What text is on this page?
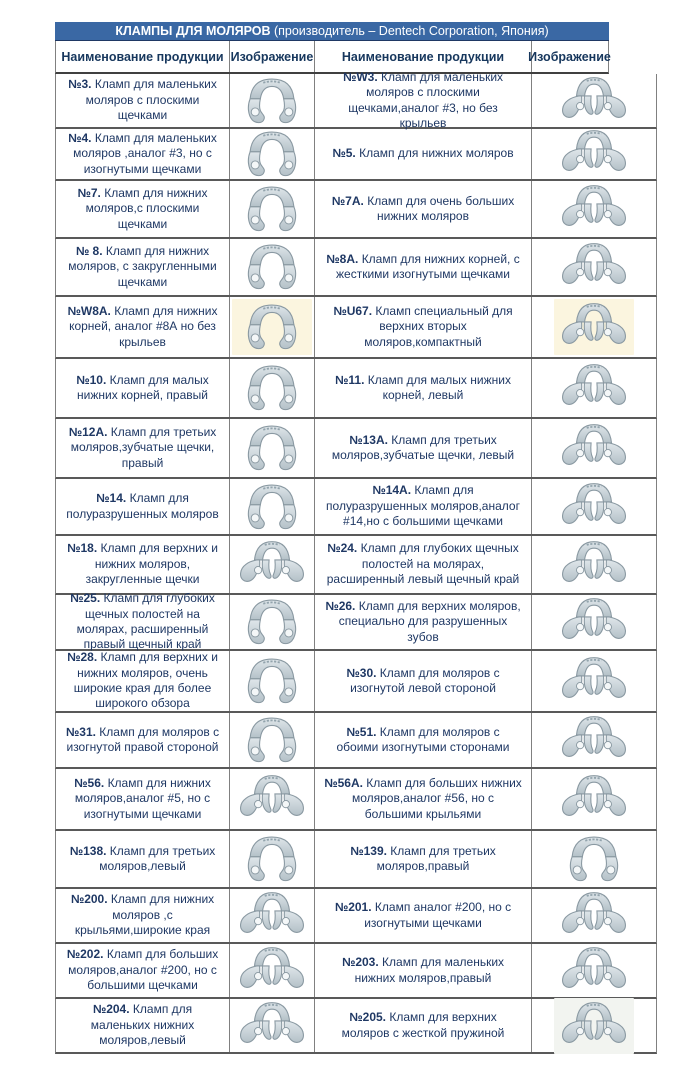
КЛАМПЫ ДЛЯ МОЛЯРОВ (производитель – Dentech Corporation, Япония)
Наименование продукции Изображение	Наименование продукции	Изображение
№3. Кламп для маленьких моляров с плоскими щечками
№W3. Кламп для маленьких моляров с плоскими щечками,аналог #3, но без крыльев
№4. Кламп для маленьких моляров ,аналог #3, но с изогнутыми щечками
№5. Кламп для нижних моляров
№7. Кламп для нижних моляров,с плоскими щечками
№7А. Кламп для очень больших нижних моляров
№ 8. Кламп для нижних моляров, с закругленными щечками
№8А. Кламп для нижних корней, с жесткими изогнутыми щечками
№W8А. Кламп для нижних корней, аналог #8А но без крыльев
№U67. Кламп специальный для верхних вторых моляров,компактный
№10. Кламп для малых нижних корней, правый
№11. Кламп для малых нижних корней, левый
№12А. Кламп для третьих моляров,зубчатые щечки, правый
№13А. Кламп для третьих моляров,зубчатые щечки, левый
№14. Кламп для полуразрушенных моляров
№14А. Кламп для полуразрушенных моляров,аналог #14,но с большими щечками
№18. Кламп для верхних и нижних моляров, закругленные щечки
№24. Кламп для глубоких щечных полостей на молярах, расширенный левый щечный край
№25. Кламп для глубоких щечных полостей на молярах, расширенный правый щечный край
№26. Кламп для верхних моляров, специально для разрушенных зубов
№28. Кламп для верхних и нижних моляров, очень широкие края для более широкого обзора
№30. Кламп для моляров с изогнутой левой стороной
№31. Кламп для моляров с изогнутой правой стороной
№51. Кламп для моляров с обоими изогнутыми сторонами
№56. Кламп для нижних моляров,аналог #5, но с изогнутыми щечками
№56А. Кламп для больших нижних моляров,аналог #56, но с большими крыльями
№138. Кламп для третьих моляров,левый
№139. Кламп для третьих моляров,правый
№200. Кламп для нижних моляров ,с крыльями,широкие края
№201. Кламп аналог #200, но с изогнутыми щечками
№202. Кламп для больших моляров,аналог #200, но с большими щечками
№203. Кламп для маленьких нижних моляров,правый
№204. Кламп для маленьких нижних моляров,левый
№205. Кламп для верхних моляров с жесткой пружиной
